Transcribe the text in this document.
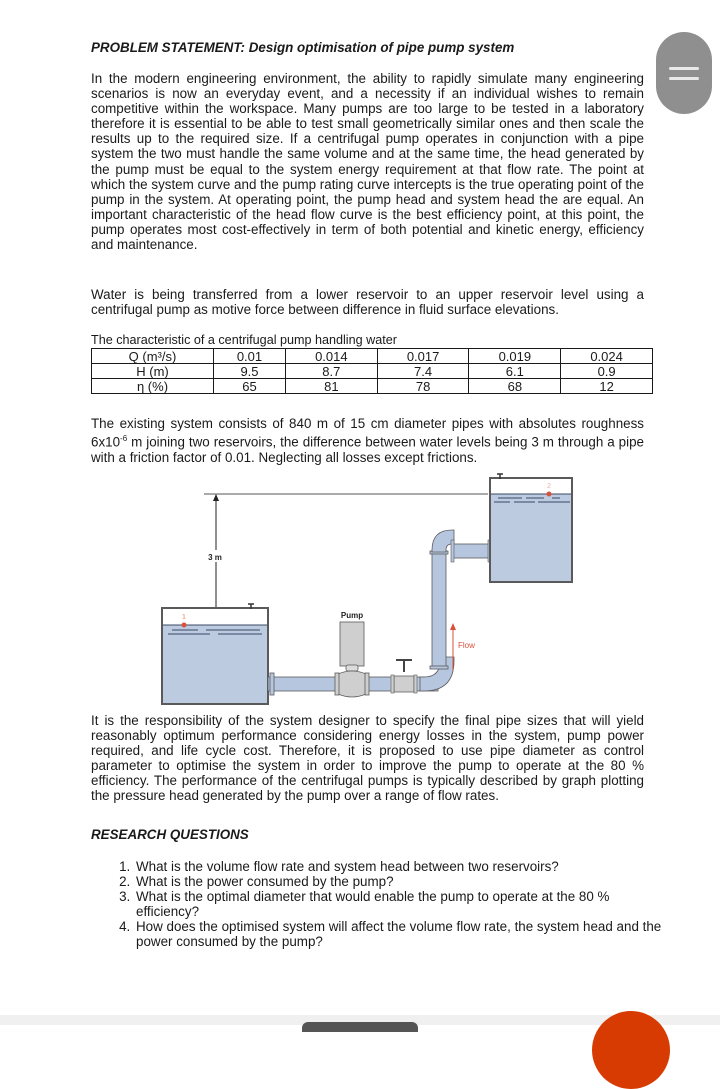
PROBLEM STATEMENT: Design optimisation of pipe pump system
In the modern engineering environment, the ability to rapidly simulate many engineering scenarios is now an everyday event, and a necessity if an individual wishes to remain competitive within the workspace. Many pumps are too large to be tested in a laboratory therefore it is essential to be able to test small geometrically similar ones and then scale the results up to the required size. If a centrifugal pump operates in conjunction with a pipe system the two must handle the same volume and at the same time, the head generated by the pump must be equal to the system energy requirement at that flow rate. The point at which the system curve and the pump rating curve intercepts is the true operating point of the pump in the system. At operating point, the pump head and system head the are equal. An important characteristic of the head flow curve is the best efficiency point, at this point, the pump operates most cost-effectively in term of both potential and kinetic energy, efficiency and maintenance.
Water is being transferred from a lower reservoir to an upper reservoir level using a centrifugal pump as motive force between difference in fluid surface elevations.
The characteristic of a centrifugal pump handling water
Q (m³/s)	0.01	0.014	0.017	0.019	0.024
H (m)	9.5	8.7	7.4	6.1	0.9
η (%)	65	81	78	68	12
The existing system consists of 840 m of 15 cm diameter pipes with absolutes roughness $6x10^{-6}$ m joining two reservoirs, the difference between water levels being 3 m through a pipe with a friction factor of 0.01. Neglecting all losses except frictions.
3 m
1	Pump
Flow
2
It is the responsibility of the system designer to specify the final pipe sizes that will yield reasonably optimum performance considering energy losses in the system, pump power required, and life cycle cost. Therefore, it is proposed to use pipe diameter as control parameter to optimise the system in order to improve the pump to operate at the 80 % efficiency. The performance of the centrifugal pumps is typically described by graph plotting the pressure head generated by the pump over a range of flow rates.
RESEARCH QUESTIONS
1. What is the volume flow rate and system head between two reservoirs?
2. What is the power consumed by the pump?
3. What is the optimal diameter that would enable the pump to operate at the 80 % efficiency?
4. How does the optimised system will affect the volume flow rate, the system head and the power consumed by the pump?
